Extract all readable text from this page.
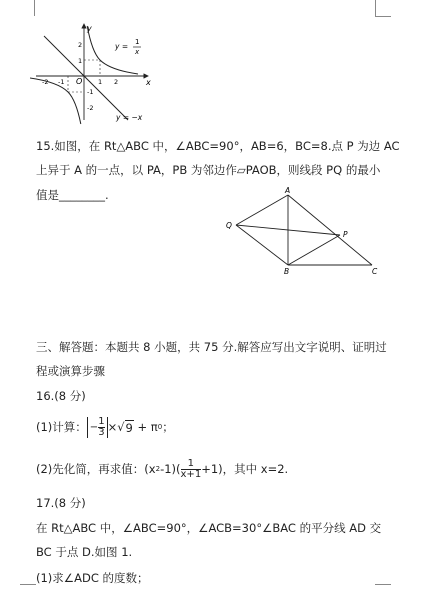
y
x
O
-2 -1	1 2
2
1
-1
-2
y = 1
x
y = −x
15.如图，在 Rt△ABC 中，∠ABC=90°，AB=6，BC=8.点 P 为边 AC
上异于 A 的一点，以 PA，PB 为邻边作▱PAOB，则线段 PQ 的最小
值是________.	A
B	C
P
Q
三、解答题：本题共 8 小题，共 75 分.解答应写出文字说明、证明过
程或演算步骤
16.(8 分)
(1)计算： − $\frac{1}{3}$ × √ 9 + π 0 ；
(2)先化简，再求值：(x 2 $-1)( \frac{1}{x+1} +1)$，其中 x=2.
17.(8 分)
在 Rt△ABC 中，∠ABC=90°，∠ACB=30°∠BAC 的平分线 AD 交
BC 于点 D.如图 1.
(1)求∠ADC 的度数；
